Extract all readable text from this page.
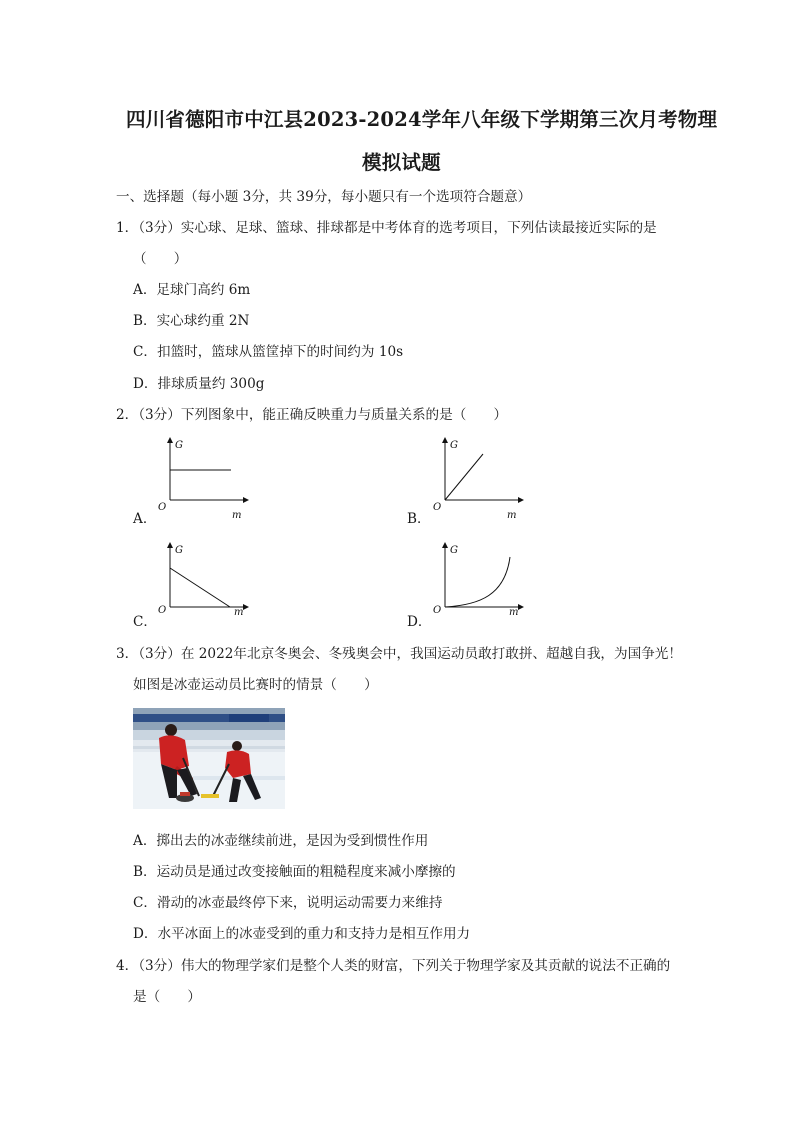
四川省德阳市中江县2023-2024学年八年级下学期第三次月考物理
模拟试题
一、选择题（每小题 3分，共 39分，每小题只有一个选项符合题意）
1．（3分）实心球、足球、篮球、排球都是中考体育的选考项目，下列估读最接近实际的是
（　　）
A．足球门高约 6m
B．实心球约重 2N
C．扣篮时，篮球从篮筐掉下的时间约为 10s
D．排球质量约 300g
2．（3分）下列图象中，能正确反映重力与质量关系的是（　　）
A．
G
O
m	B．
G
O
m
C．
G
O	m
D．
G
O	m
3．（3分）在 2022年北京冬奥会、冬残奥会中，我国运动员敢打敢拼、超越自我，为国争光！
如图是冰壶运动员比赛时的情景（　　）
A．掷出去的冰壶继续前进，是因为受到惯性作用
B．运动员是通过改变接触面的粗糙程度来减小摩擦的
C．滑动的冰壶最终停下来，说明运动需要力来维持
D．水平冰面上的冰壶受到的重力和支持力是相互作用力
4．（3分）伟大的物理学家们是整个人类的财富，下列关于物理学家及其贡献的说法不正确的
是（　　）
